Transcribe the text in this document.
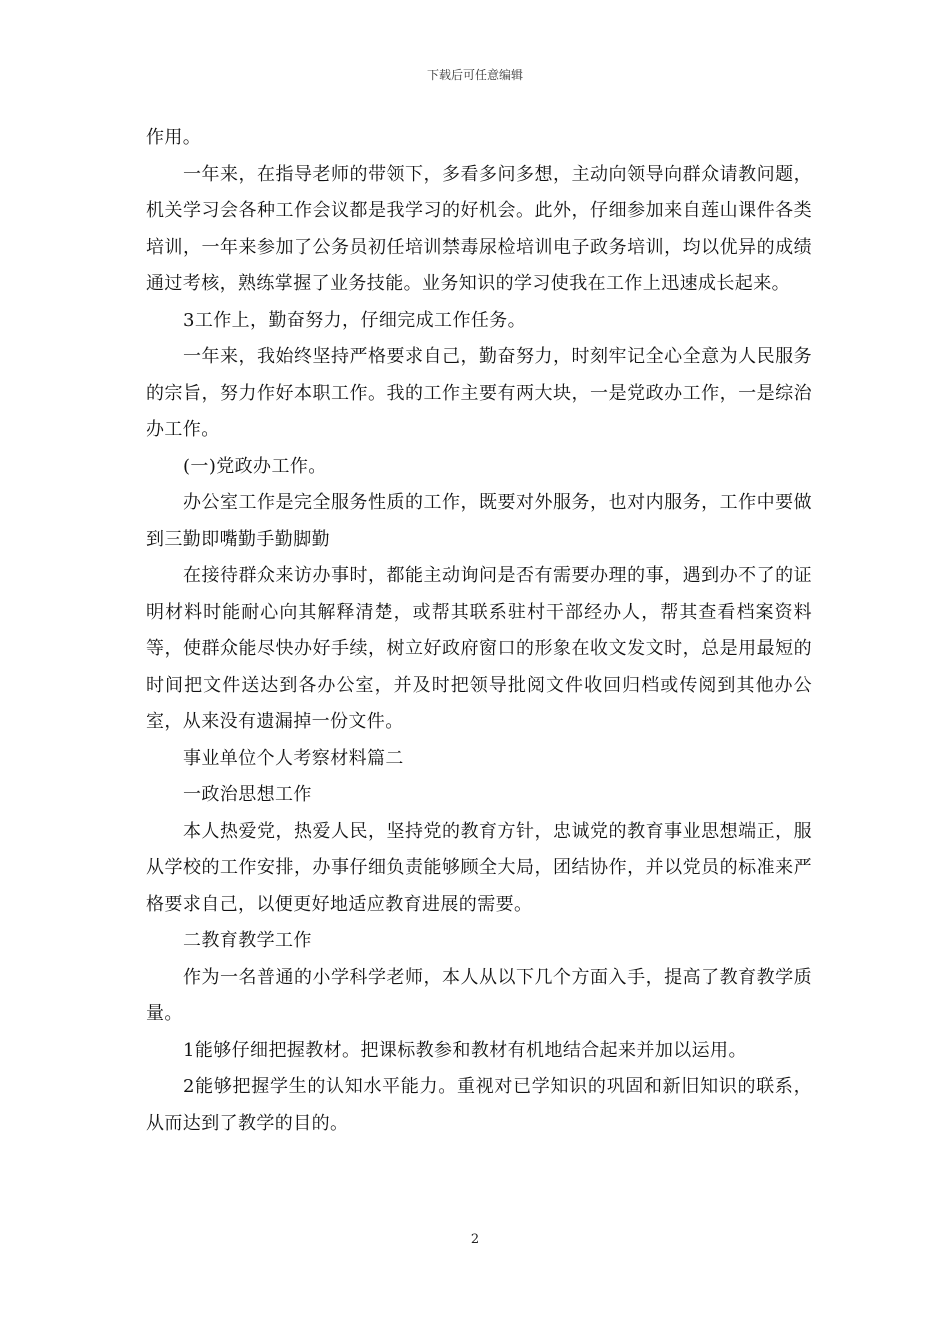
下载后可任意编辑

作用。

一年来，在指导老师的带领下，多看多问多想，主动向领导向群众请教问题，机关学习会各种工作会议都是我学习的好机会。此外，仔细参加来自莲山课件各类培训，一年来参加了公务员初任培训禁毒尿检培训电子政务培训，均以优异的成绩通过考核，熟练掌握了业务技能。业务知识的学习使我在工作上迅速成长起来。

3工作上，勤奋努力，仔细完成工作任务。

一年来，我始终坚持严格要求自己，勤奋努力，时刻牢记全心全意为人民服务的宗旨，努力作好本职工作。我的工作主要有两大块，一是党政办工作，一是综治办工作。

(一)党政办工作。

办公室工作是完全服务性质的工作，既要对外服务，也对内服务，工作中要做到三勤即嘴勤手勤脚勤

在接待群众来访办事时，都能主动询问是否有需要办理的事，遇到办不了的证明材料时能耐心向其解释清楚，或帮其联系驻村干部经办人，帮其查看档案资料等，使群众能尽快办好手续，树立好政府窗口的形象在收文发文时，总是用最短的时间把文件送达到各办公室，并及时把领导批阅文件收回归档或传阅到其他办公室，从来没有遗漏掉一份文件。

事业单位个人考察材料篇二

一政治思想工作

本人热爱党，热爱人民，坚持党的教育方针，忠诚党的教育事业思想端正，服从学校的工作安排，办事仔细负责能够顾全大局，团结协作，并以党员的标准来严格要求自己，以便更好地适应教育进展的需要。

二教育教学工作

作为一名普通的小学科学老师，本人从以下几个方面入手，提高了教育教学质量。

1能够仔细把握教材。把课标教参和教材有机地结合起来并加以运用。

2能够把握学生的认知水平能力。重视对已学知识的巩固和新旧知识的联系，从而达到了教学的目的。

2
